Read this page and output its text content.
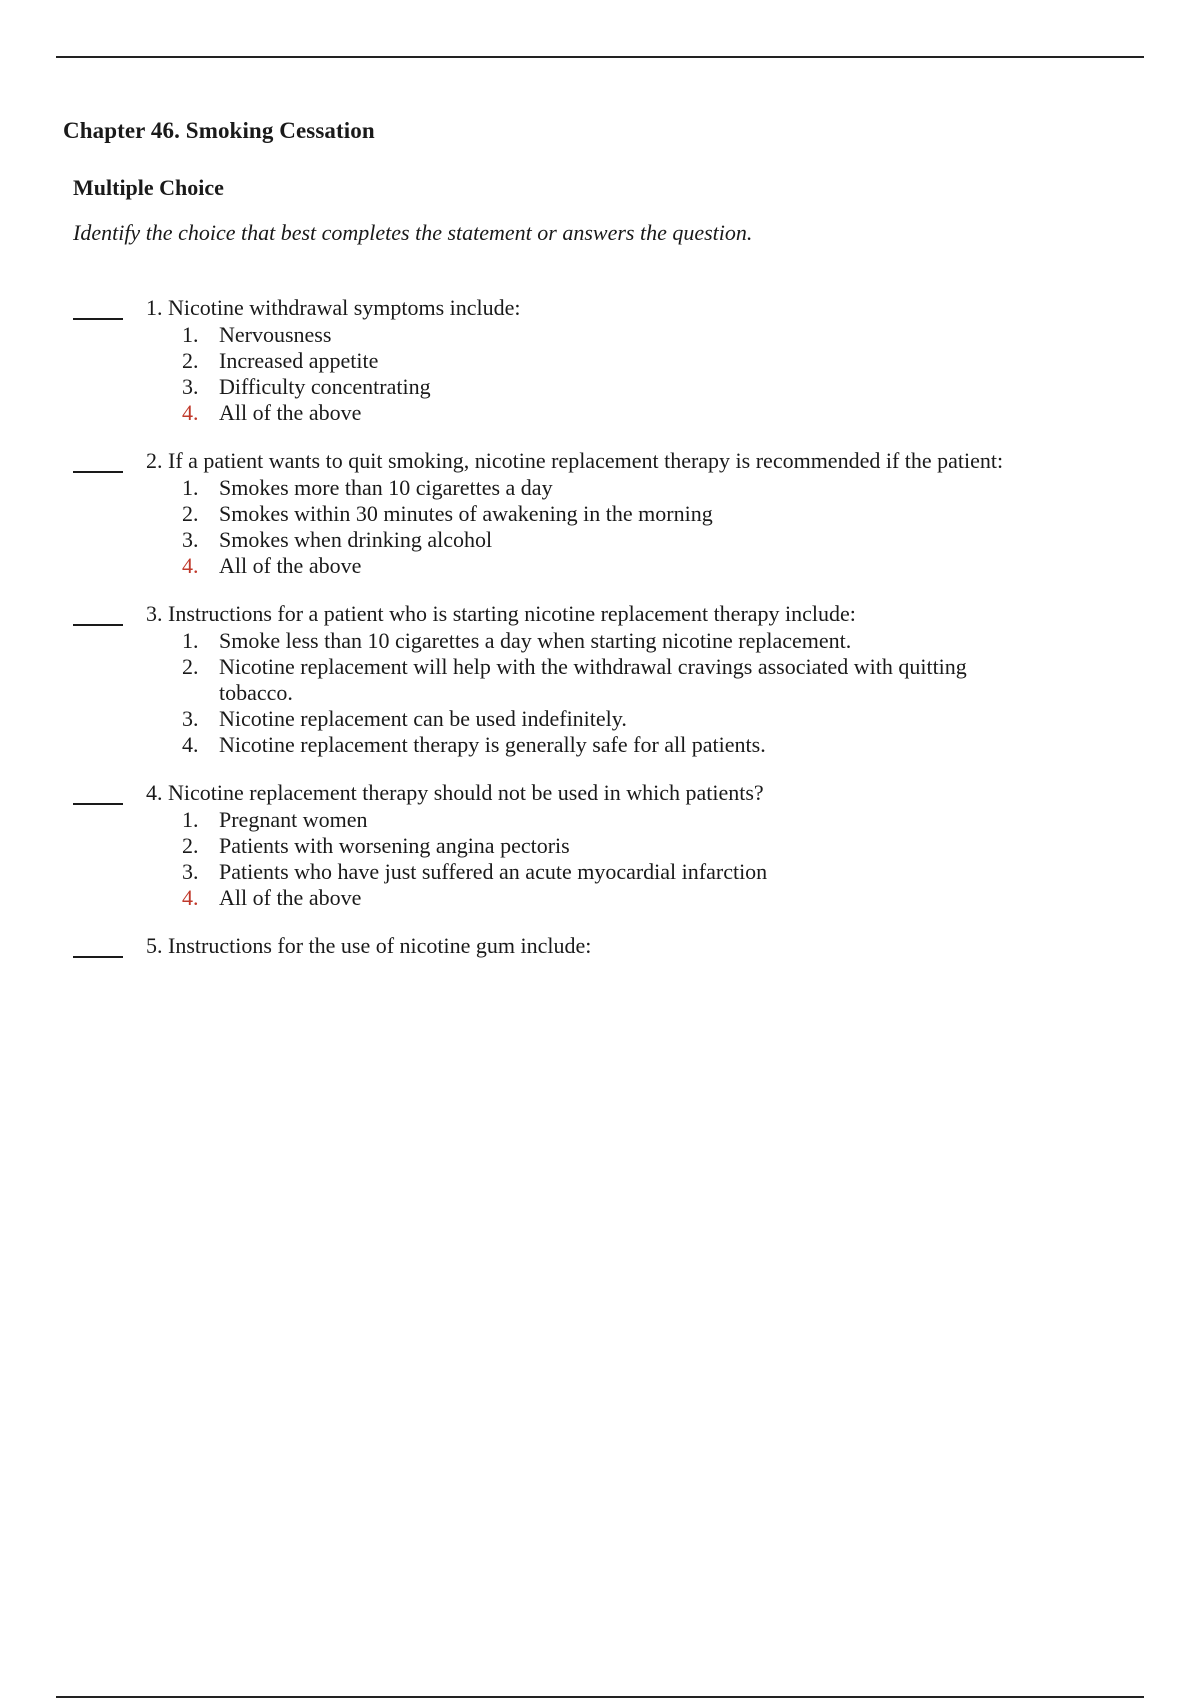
Chapter 46. Smoking Cessation
Multiple Choice

Identify the choice that best completes the statement or answers the question.

1. Nicotine withdrawal symptoms include:
1. Nervousness
2. Increased appetite
3. Difficulty concentrating
4. All of the above
2. If a patient wants to quit smoking, nicotine replacement therapy is recommended if the patient:
1. Smokes more than 10 cigarettes a day
2. Smokes within 30 minutes of awakening in the morning
3. Smokes when drinking alcohol
4. All of the above
3. Instructions for a patient who is starting nicotine replacement therapy include:
1. Smoke less than 10 cigarettes a day when starting nicotine replacement.
2. Nicotine replacement will help with the withdrawal cravings associated with quitting tobacco.
3. Nicotine replacement can be used indefinitely.
4. Nicotine replacement therapy is generally safe for all patients.
4. Nicotine replacement therapy should not be used in which patients?
1. Pregnant women
2. Patients with worsening angina pectoris
3. Patients who have just suffered an acute myocardial infarction
4. All of the above
5. Instructions for the use of nicotine gum include:
